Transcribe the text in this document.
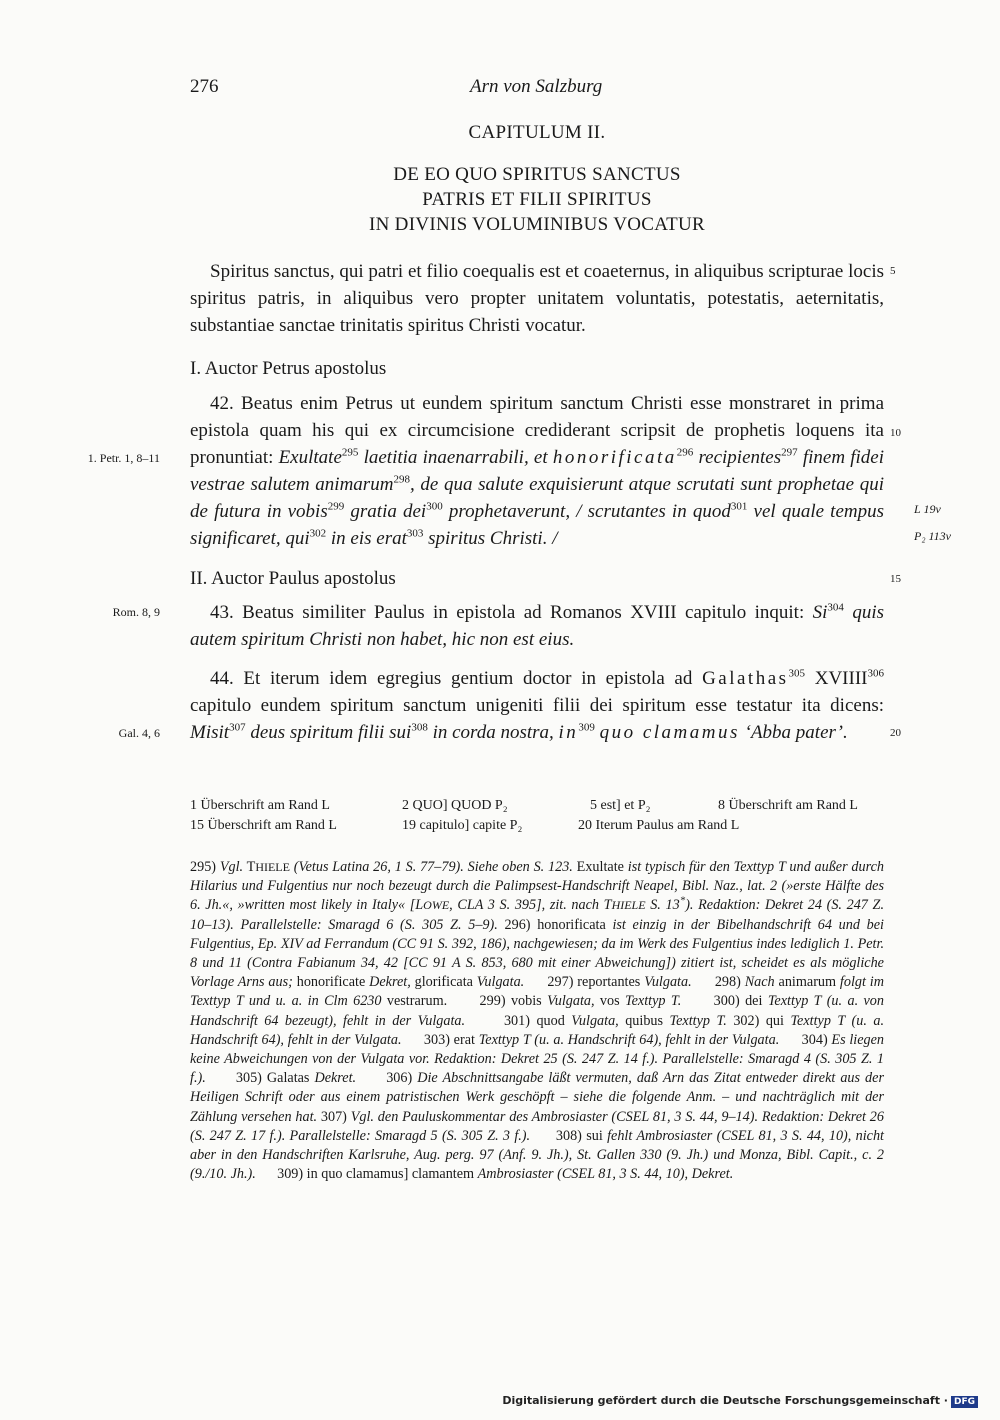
276	Arn von Salzburg
CAPITULUM II.
DE EO QUO SPIRITUS SANCTUS
PATRIS ET FILII SPIRITUS
IN DIVINIS VOLUMINIBUS VOCATUR
Spiritus sanctus, qui patri et filio coequalis est et coaeternus, in aliquibus scripturae locis spiritus patris, in aliquibus vero propter unitatem voluntatis, potestatis, aeternitatis, substantiae sanctae trinitatis spiritus Christi vocatur.
I. Auctor Petrus apostolus
42. Beatus enim Petrus ut eundem spiritum sanctum Christi esse monstraret in prima epistola quam his qui ex circumcisione crediderant scripsit de prophetis loquens ita pronuntiat: Exultate$^{295}$ laetitia inaenarrabili, et honorificata$^{296}$ recipientes$^{297}$ finem fidei vestrae salutem animarum$^{298}$, de qua salute exquisierunt atque scrutati sunt prophetae qui de futura in vobis$^{299}$ gratia dei$^{300}$ prophetaverunt, / scrutantes in quod$^{301}$ vel quale tempus significaret, qui$^{302}$ in eis erat$^{303}$ spiritus Christi. /
II. Auctor Paulus apostolus
43. Beatus similiter Paulus in epistola ad Romanos XVIII capitulo inquit: Si$^{304}$ quis autem spiritum Christi non habet, hic non est eius.
44. Et iterum idem egregius gentium doctor in epistola ad Galathas$^{305}$ XVIIII$^{306}$ capitulo eundem spiritum sanctum unigeniti filii dei spiritum esse testatur ita dicens: Misit$^{307}$ deus spiritum filii sui$^{308}$ in corda nostra, $in^{309}$ quo clamamus ‘Abba pater’.
5
10
15
20
L 19v
P₂ 113v
1. Petr. 1, 8–11
Rom. 8, 9
Gal. 4, 6
1 Überschrift am Rand L	2 QUO] QUOD P₂	5 est] et P₂	8 Überschrift am Rand L
15 Überschrift am Rand L	19 capitulo] capite P₂	20 Iterum Paulus am Rand L
295) Vgl. THIELE (Vetus Latina 26, 1 S. 77–79). Siehe oben S. 123. Exultate ist typisch für den Texttyp T und außer durch Hilarius und Fulgentius nur noch bezeugt durch die Palimpsest-Handschrift Neapel, Bibl. Naz., lat. 2 (»erste Hälfte des 6. Jh.«, »written most likely in Italy« [LOWE, CLA 3 S. 395], zit. nach THIELE S. 13*). Redaktion: Dekret 24 (S. 247 Z. 10–13). Parallelstelle: Smaragd 6 (S. 305 Z. 5–9). 296) honorificata ist einzig in der Bibelhandschrift 64 und bei Fulgentius, Ep. XIV ad Ferrandum (CC 91 S. 392, 186), nachgewiesen; da im Werk des Fulgentius indes lediglich 1. Petr. 8 und 11 (Contra Fabianum 34, 42 [CC 91 A S. 853, 680 mit einer Abweichung]) zitiert ist, scheidet es als mögliche Vorlage Arns aus; honorificate Dekret, glorificata Vulgata.      297) reportantes Vulgata.      298) Nach animarum folgt im Texttyp T und u. a. in Clm 6230 vestrarum.      299) vobis Vulgata, vos Texttyp T.      300) dei Texttyp T (u. a. von Handschrift 64 bezeugt), fehlt in der Vulgata.      301) quod Vulgata, quibus Texttyp T. 302) qui Texttyp T (u. a. Handschrift 64), fehlt in der Vulgata.      303) erat Texttyp T (u. a. Handschrift 64), fehlt in der Vulgata.      304) Es liegen keine Abweichungen von der Vulgata vor. Redaktion: Dekret 25 (S. 247 Z. 14 f.). Parallelstelle: Smaragd 4 (S. 305 Z. 1 f.).      305) Galatas Dekret.      306) Die Abschnittsangabe läßt vermuten, daß Arn das Zitat entweder direkt aus der Heiligen Schrift oder aus einem patristischen Werk geschöpft – siehe die folgende Anm. – und nachträglich mit der Zählung versehen hat. 307) Vgl. den Pauluskommentar des Ambrosiaster (CSEL 81, 3 S. 44, 9–14). Redaktion: Dekret 26 (S. 247 Z. 17 f.). Parallelstelle: Smaragd 5 (S. 305 Z. 3 f.).      308) sui fehlt Ambrosiaster (CSEL 81, 3 S. 44, 10), nicht aber in den Handschriften Karlsruhe, Aug. perg. 97 (Anf. 9. Jh.), St. Gallen 330 (9. Jh.) und Monza, Bibl. Capit., c. 2 (9./10. Jh.).      309) in quo clamamus] clamantem Ambrosiaster (CSEL 81, 3 S. 44, 10), Dekret.
Digitalisierung gefördert durch die Deutsche Forschungsgemeinschaft · DFG
